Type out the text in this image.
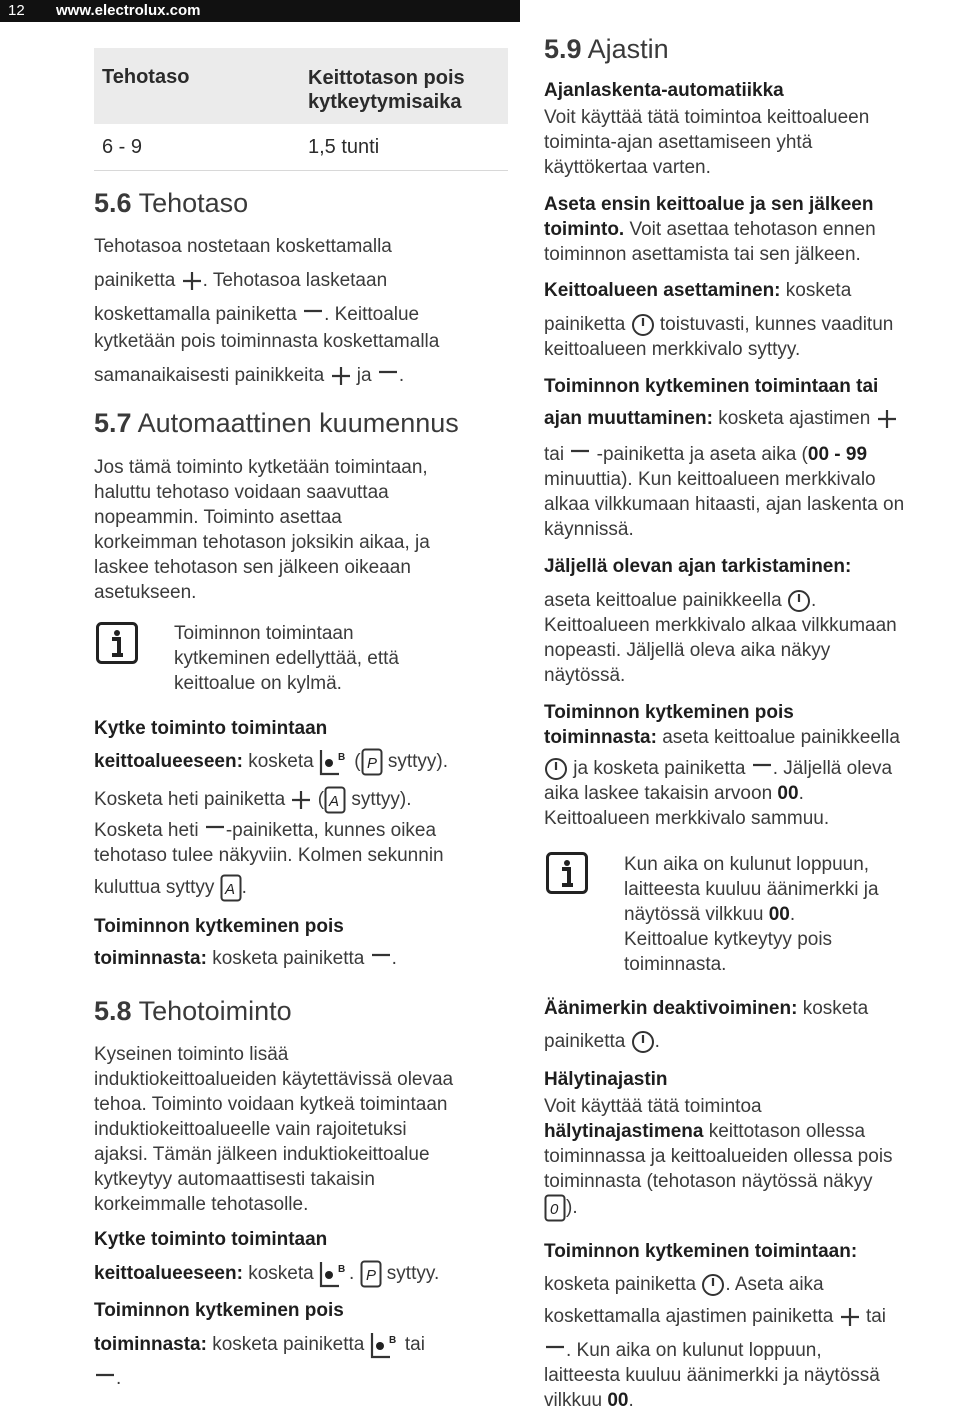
12 www.electrolux.com
Tehotaso	Keittotason pois
kytkeytymisaika
6 - 9	1,5 tunti
5.6 Tehotaso
Tehotasoa nostetaan koskettamalla
painiketta . Tehotasoa lasketaan
koskettamalla painiketta . Keittoalue
kytketään pois toiminnasta koskettamalla
samanaikaisesti painikkeita ja .
5.7 Automaattinen kuumennus
Jos tämä toiminto kytketään toimintaan,
haluttu tehotaso voidaan saavuttaa
nopeammin. Toiminto asettaa
korkeimman tehotason joksikin aikaa, ja
laskee tehotason sen jälkeen oikeaan
asetukseen.
Toiminnon toimintaan
kytkeminen edellyttää, että
keittoalue on kylmä.
Kytke toiminto toimintaan
keittoalueeseen: kosketa B ( P syttyy).
Kosketa heti painiketta ( A syttyy).
Kosketa heti -painiketta, kunnes oikea
tehotaso tulee näkyviin. Kolmen sekunnin
kuluttua syttyy A .
Toiminnon kytkeminen pois
toiminnasta: kosketa painiketta .
5.8 Tehotoiminto
Kyseinen toiminto lisää
induktiokeittoalueiden käytettävissä olevaa
tehoa. Toiminto voidaan kytkeä toimintaan
induktiokeittoalueelle vain rajoitetuksi
ajaksi. Tämän jälkeen induktiokeittoalue
kytkeytyy automaattisesti takaisin
korkeimmalle tehotasolle.
Kytke toiminto toimintaan
keittoalueeseen: kosketa B . P syttyy.
Toiminnon kytkeminen pois
toiminnasta: kosketa painiketta B tai
.
5.9 Ajastin
Ajanlaskenta-automatiikka
Voit käyttää tätä toimintoa keittoalueen
toiminta-ajan asettamiseen yhtä
käyttökertaa varten.
Aseta ensin keittoalue ja sen jälkeen
toiminto. Voit asettaa tehotason ennen
toiminnon asettamista tai sen jälkeen.
Keittoalueen asettaminen: kosketa
painiketta toistuvasti, kunnes vaaditun
keittoalueen merkkivalo syttyy.
Toiminnon kytkeminen toimintaan tai
ajan muuttaminen: kosketa ajastimen
tai -painiketta ja aseta aika (00 - 99
minuuttia). Kun keittoalueen merkkivalo
alkaa vilkkumaan hitaasti, ajan laskenta on
käynnissä.
Jäljellä olevan ajan tarkistaminen:
aseta keittoalue painikkeella .
Keittoalueen merkkivalo alkaa vilkkumaan
nopeasti. Jäljellä oleva aika näkyy
näytössä.
Toiminnon kytkeminen pois
toiminnasta: aseta keittoalue painikkeella
ja kosketa painiketta . Jäljellä oleva
aika laskee takaisin arvoon 00.
Keittoalueen merkkivalo sammuu.
Kun aika on kulunut loppuun,
laitteesta kuuluu äänimerkki ja
näytössä vilkkuu 00.
Keittoalue kytkeytyy pois
toiminnasta.
Äänimerkin deaktivoiminen: kosketa
painiketta .
Hälytinajastin
Voit käyttää tätä toimintoa
hälytinajastimena keittotason ollessa
toiminnassa ja keittoalueiden ollessa pois
toiminnasta (tehotason näytössä näkyy
0 ).
Toiminnon kytkeminen toimintaan:
kosketa painiketta . Aseta aika
koskettamalla ajastimen painiketta tai
. Kun aika on kulunut loppuun,
laitteesta kuuluu äänimerkki ja näytössä
vilkkuu 00.
